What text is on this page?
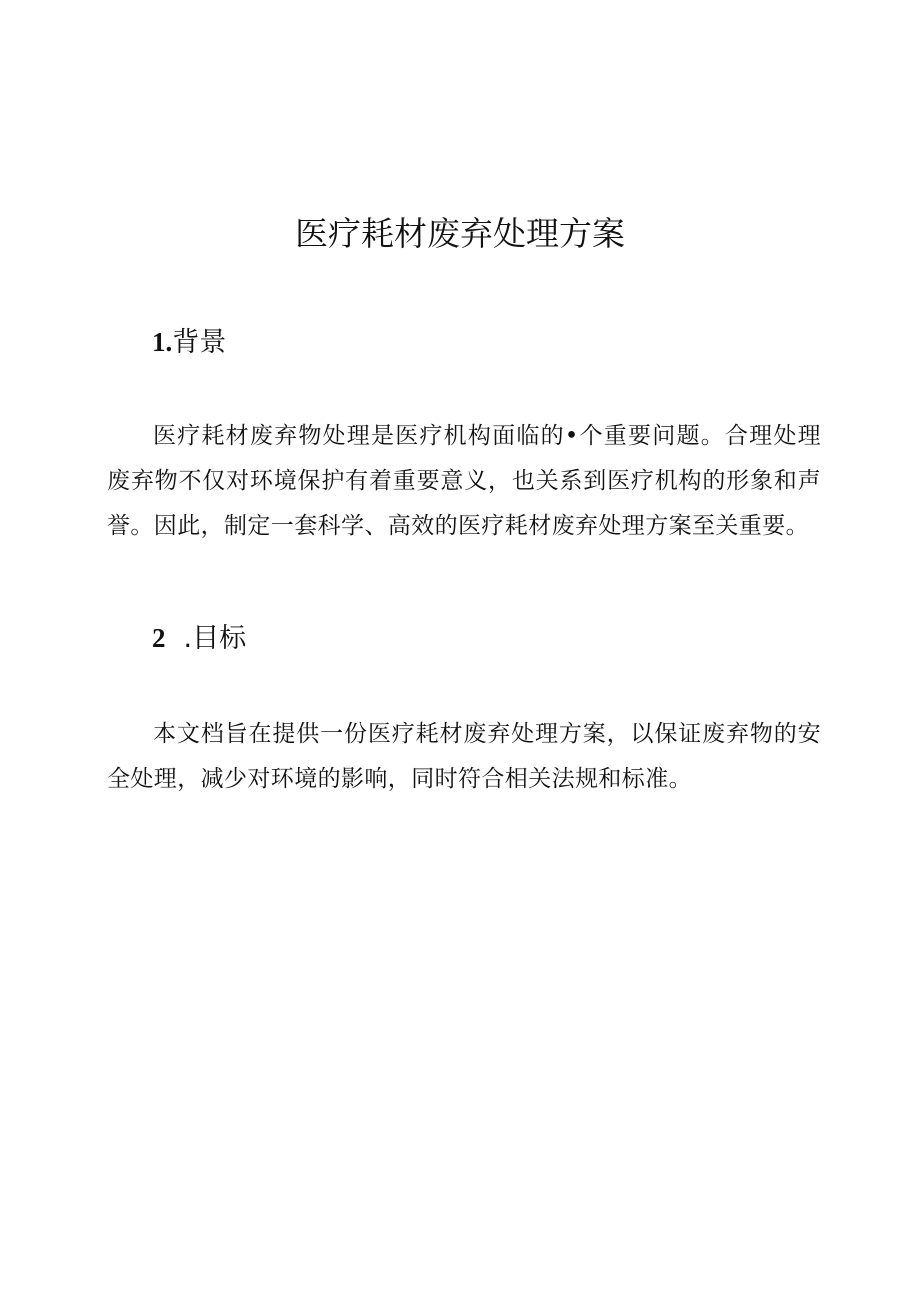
医疗耗材废弃处理方案
1.背景

医疗耗材废弃物处理是医疗机构面临的•个重要问题。合理处理废弃物不仅对环境保护有着重要意义，也关系到医疗机构的形象和声誉。因此，制定一套科学、高效的医疗耗材废弃处理方案至关重要。

2 .目标

本文档旨在提供一份医疗耗材废弃处理方案，以保证废弃物的安全处理，减少对环境的影响，同时符合相关法规和标准。
